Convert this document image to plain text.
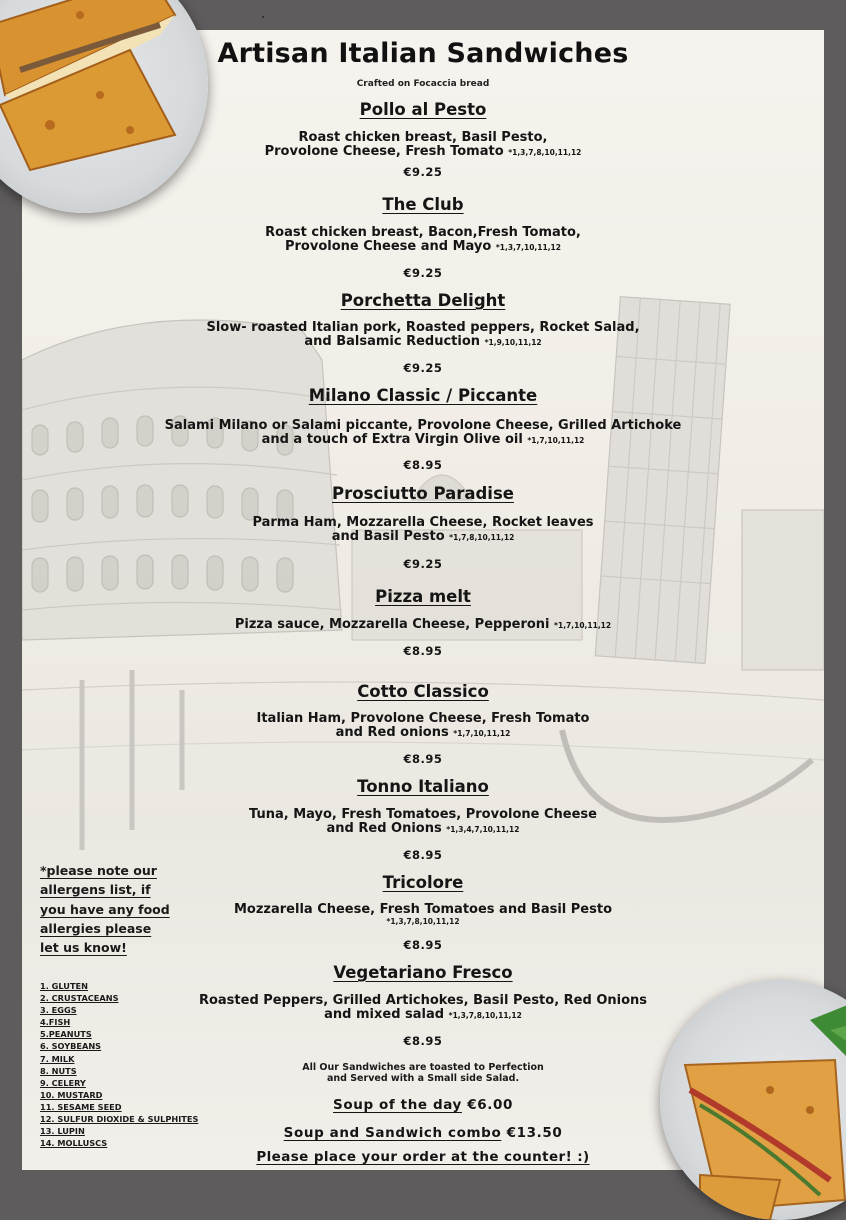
Artisan Italian Sandwiches
Crafted on Focaccia bread
Pollo al Pesto
Roast chicken breast, Basil Pesto,
Provolone Cheese, Fresh Tomato *1,3,7,8,10,11,12
€9.25
The Club
Roast chicken breast, Bacon,Fresh Tomato,
Provolone Cheese and Mayo *1,3,7,10,11,12
€9.25
Porchetta Delight
Slow- roasted Italian pork, Roasted peppers, Rocket Salad,
and Balsamic Reduction *1,9,10,11,12
€9.25
Milano Classic / Piccante
Salami Milano or Salami piccante, Provolone Cheese, Grilled Artichoke
and a touch of Extra Virgin Olive oil *1,7,10,11,12
€8.95
Prosciutto Paradise
Parma Ham, Mozzarella Cheese, Rocket leaves
and Basil Pesto *1,7,8,10,11,12
€9.25
Pizza melt
Pizza sauce, Mozzarella Cheese, Pepperoni *1,7,10,11,12
€8.95
Cotto Classico
Italian Ham, Provolone Cheese, Fresh Tomato
and Red onions *1,7,10,11,12
€8.95
Tonno Italiano
Tuna, Mayo, Fresh Tomatoes, Provolone Cheese
and Red Onions *1,3,4,7,10,11,12
€8.95
Tricolore
Mozzarella Cheese, Fresh Tomatoes and Basil Pesto
*1,3,7,8,10,11,12
€8.95
Vegetariano Fresco
Roasted Peppers, Grilled Artichokes, Basil Pesto, Red Onions
and mixed salad *1,3,7,8,10,11,12
€8.95
All Our Sandwiches are toasted to Perfection
and Served with a Small side Salad.
Soup of the day €6.00
Soup and Sandwich combo €13.50
Please place your order at the counter! :)
*please note our
allergens list, if
you have any food
allergies please
let us know!
1. GLUTEN
2. CRUSTACEANS
3. EGGS
4.FISH
5.PEANUTS
6. SOYBEANS
7. MILK
8. NUTS
9. CELERY
10. MUSTARD
11. SESAME SEED
12. SULFUR DIOXIDE & SULPHITES
13. LUPIN
14. MOLLUSCS
